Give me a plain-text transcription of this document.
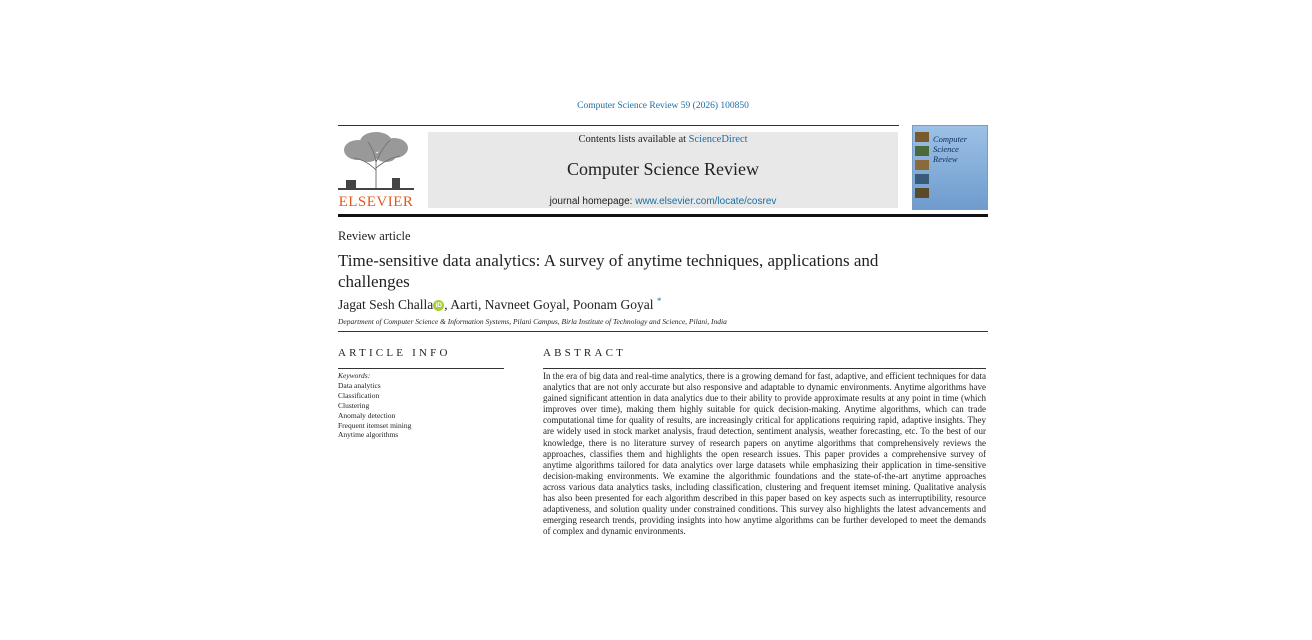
Computer Science Review 59 (2026) 100850
ELSEVIER
Contents lists available at ScienceDirect
Computer Science Review
journal homepage: www.elsevier.com/locate/cosrev
Computer
Science
Review
Review article
Time-sensitive data analytics: A survey of anytime techniques, applications and challenges
Jagat Sesh Challa iD , Aarti, Navneet Goyal, Poonam Goyal *
Department of Computer Science & Information Systems, Pilani Campus, Birla Institute of Technology and Science, Pilani, India
ARTICLE INFO	ABSTRACT
Keywords:
Data analytics
Classification
Clustering
Anomaly detection
Frequent itemset mining
Anytime algorithms
In the era of big data and real-time analytics, there is a growing demand for fast, adaptive, and efficient techniques for data analytics that are not only accurate but also responsive and adaptable to dynamic environments. Anytime algorithms have gained significant attention in data analytics due to their ability to provide approximate results at any point in time (which improves over time), making them highly suitable for quick decision-making. Anytime algorithms, which can trade computational time for quality of results, are increasingly critical for applications requiring rapid, adaptive insights. They are widely used in stock market analysis, fraud detection, sentiment analysis, weather forecasting, etc. To the best of our knowledge, there is no literature survey of research papers on anytime algorithms that comprehensively reviews the approaches, classifies them and highlights the open research issues. This paper provides a comprehensive survey of anytime algorithms tailored for data analytics over large datasets while emphasizing their application in time-sensitive decision-making environments. We examine the algorithmic foundations and the state-of-the-art anytime approaches across various data analytics tasks, including classification, clustering and frequent itemset mining. Qualitative analysis has also been presented for each algorithm described in this paper based on key aspects such as interruptibility, resource adaptiveness, and solution quality under constrained conditions. This survey also highlights the latest advancements and emerging research trends, providing insights into how anytime algorithms can be further developed to meet the demands of complex and dynamic environments.
